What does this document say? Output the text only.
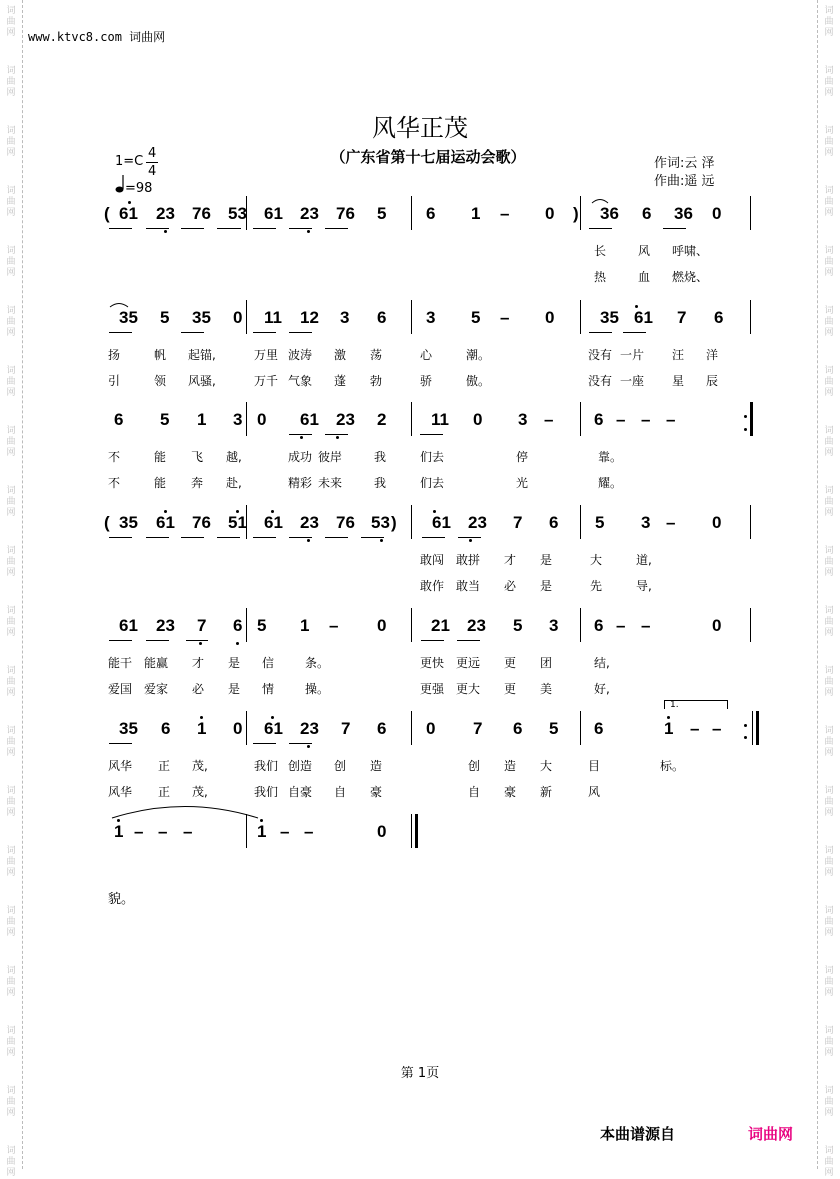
词
曲
网
词
曲
网
词
曲
网
词
曲
网
词
曲
网
词
曲
网
词
曲
网
词
曲
网
词
曲
网
词
曲
网
词
曲
网
词
曲
网
词
曲
网
词
曲
网
词
曲
网
词
曲
网
词
曲
网
词
曲
网
词
曲
网
词
曲
网
词
曲
网
词
曲
网
词
曲
网
词
曲
网
词
曲
网
词
曲
网
词
曲
网
词
曲
网
词
曲
网
词
曲
网
词
曲
网
词
曲
网
词
曲
网
词
曲
网
词
曲
网
词
曲
网
词
曲
网
词
曲
网
词
曲
网
词
曲
网
www.ktvc8.com 词曲网
风华正茂
（广东省第十七届运动会歌）
1=C
4
4
=98
作词:云 泽
作曲:遥 远
( 61 23 76 53 61 23 76 5 6 1 – 0 ) 36 6 36 0
长	风 呼啸、
热	血 燃烧、
35 5 35 0 11 12 3 6 3 5 – 0	35 61 7 6
扬	帆 起锚,	万里 波涛 激 荡	心	潮。	没有 一片 汪 洋
引	领 风骚,	万千 气象 蓬 勃	骄	傲。	没有 一座 星 辰
6 5 1 3 0 61 23 2	11 0 3 – 6 – – –
不	能 飞 越,	成功 彼岸	我	们去	停	靠。
不	能 奔 赴,	精彩 未来	我	们去	光	耀。
( 35 61 76 51 61 23 76 53 ) 61 23 7 6 5 3 – 0
敢闯 敢拼 才 是	大	道,
敢作 敢当 必 是	先	导,
61 23 7 6 5 1 – 0	21 23 5 3 6 – –	0
能干 能赢 才 是 信	条。	更快 更远 更 团	结,
爱国 爱家 必 是 情	操。	更强 更大 更 美	好,
35 6 1 0 61 23 7 6 0 7 6 5 6	1 – –
风华 正 茂,	我们 创造 创 造	创 造 大	目	标。
风华 正 茂,	我们 自豪 自 豪	自 豪 新	风
1 – – –	1 – –	0
1.
貌。
第 1页
本曲谱源自	词曲网
